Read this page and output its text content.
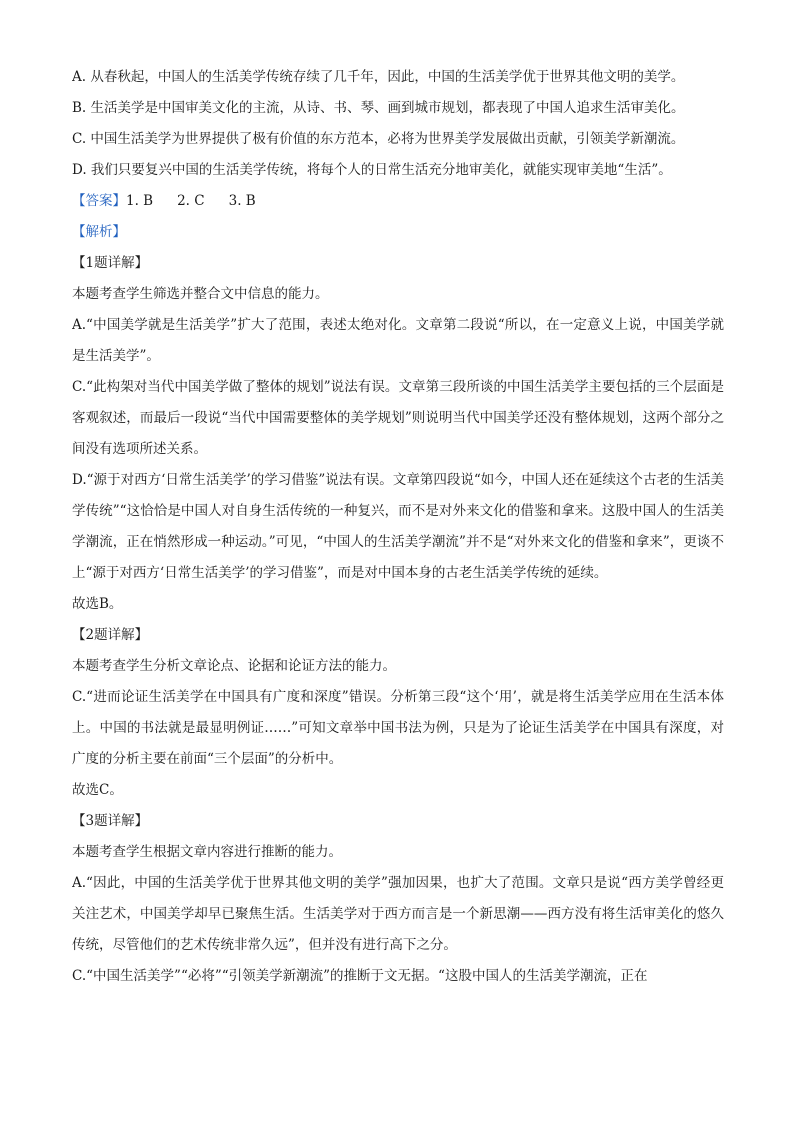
A. 从春秋起，中国人的生活美学传统存续了几千年，因此，中国的生活美学优于世界其他文明的美学。

B. 生活美学是中国审美文化的主流，从诗、书、琴、画到城市规划，都表现了中国人追求生活审美化。

C. 中国生活美学为世界提供了极有价值的东方范本，必将为世界美学发展做出贡献，引领美学新潮流。

D. 我们只要复兴中国的生活美学传统，将每个人的日常生活充分地审美化，就能实现审美地“生活”。

【答案】1. B 2. C 3. B

【解析】

【1题详解】

本题考查学生筛选并整合文中信息的能力。

A.“中国美学就是生活美学”扩大了范围，表述太绝对化。文章第二段说“所以，在一定意义上说，中国美学就是生活美学”。

C.“此构架对当代中国美学做了整体的规划”说法有误。文章第三段所谈的中国生活美学主要包括的三个层面是客观叙述，而最后一段说“当代中国需要整体的美学规划”则说明当代中国美学还没有整体规划，这两个部分之间没有选项所述关系。

D.“源于对西方‘日常生活美学’的学习借鉴”说法有误。文章第四段说“如今，中国人还在延续这个古老的生活美学传统”“这恰恰是中国人对自身生活传统的一种复兴，而不是对外来文化的借鉴和拿来。这股中国人的生活美学潮流，正在悄然形成一种运动。”可见，“中国人的生活美学潮流”并不是“对外来文化的借鉴和拿来”，更谈不上“源于对西方‘日常生活美学’的学习借鉴”，而是对中国本身的古老生活美学传统的延续。

故选B。

【2题详解】

本题考查学生分析文章论点、论据和论证方法的能力。

C.“进而论证生活美学在中国具有广度和深度”错误。分析第三段“这个‘用’，就是将生活美学应用在生活本体上。中国的书法就是最显明例证……”可知文章举中国书法为例，只是为了论证生活美学在中国具有深度，对广度的分析主要在前面“三个层面”的分析中。

故选C。

【3题详解】

本题考查学生根据文章内容进行推断的能力。

A.“因此，中国的生活美学优于世界其他文明的美学”强加因果，也扩大了范围。文章只是说“西方美学曾经更关注艺术，中国美学却早已聚焦生活。生活美学对于西方而言是一个新思潮——西方没有将生活审美化的悠久传统，尽管他们的艺术传统非常久远”，但并没有进行高下之分。

C.“中国生活美学”“必将”“引领美学新潮流”的推断于文无据。“这股中国人的生活美学潮流，正在
